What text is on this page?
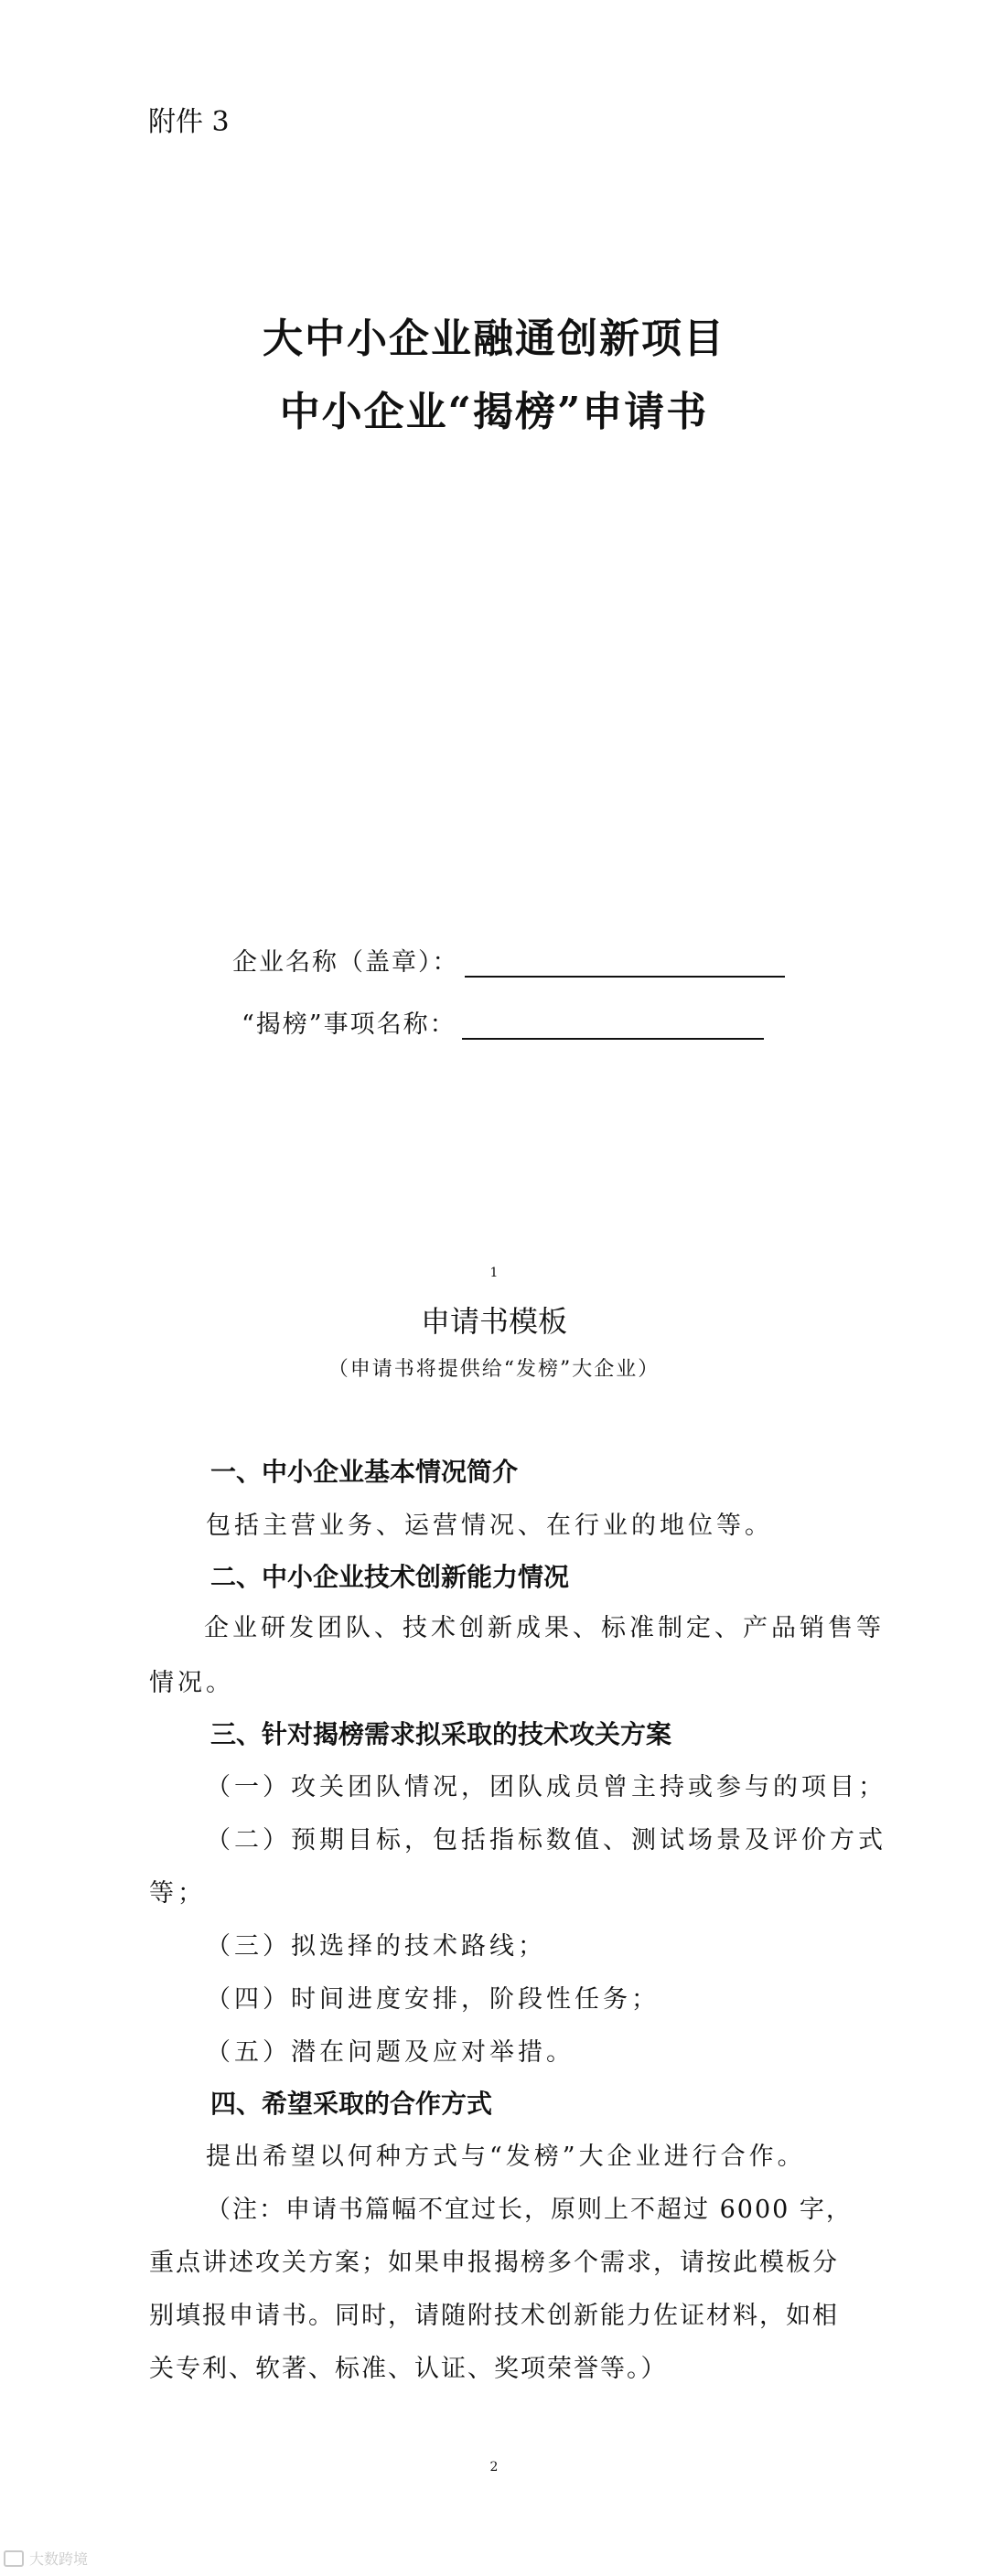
附件 3
大中小企业融通创新项目
中小企业“揭榜”申请书
企业名称（盖章）：
“揭榜”事项名称：
1
申请书模板
（申请书将提供给“发榜”大企业）
一、中小企业基本情况简介
包括主营业务、运营情况、在行业的地位等。
二、中小企业技术创新能力情况
企业研发团队、技术创新成果、标准制定、产品销售等
情况。
三、针对揭榜需求拟采取的技术攻关方案
（一）攻关团队情况，团队成员曾主持或参与的项目；
（二）预期目标，包括指标数值、测试场景及评价方式
等；
（三）拟选择的技术路线；
（四）时间进度安排，阶段性任务；
（五）潜在问题及应对举措。
四、希望采取的合作方式
提出希望以何种方式与“发榜”大企业进行合作。
（注：申请书篇幅不宜过长，原则上不超过 6000 字，
重点讲述攻关方案；如果申报揭榜多个需求，请按此模板分
别填报申请书。同时，请随附技术创新能力佐证材料，如相
关专利、软著、标准、认证、奖项荣誉等。）
2
大数跨境
